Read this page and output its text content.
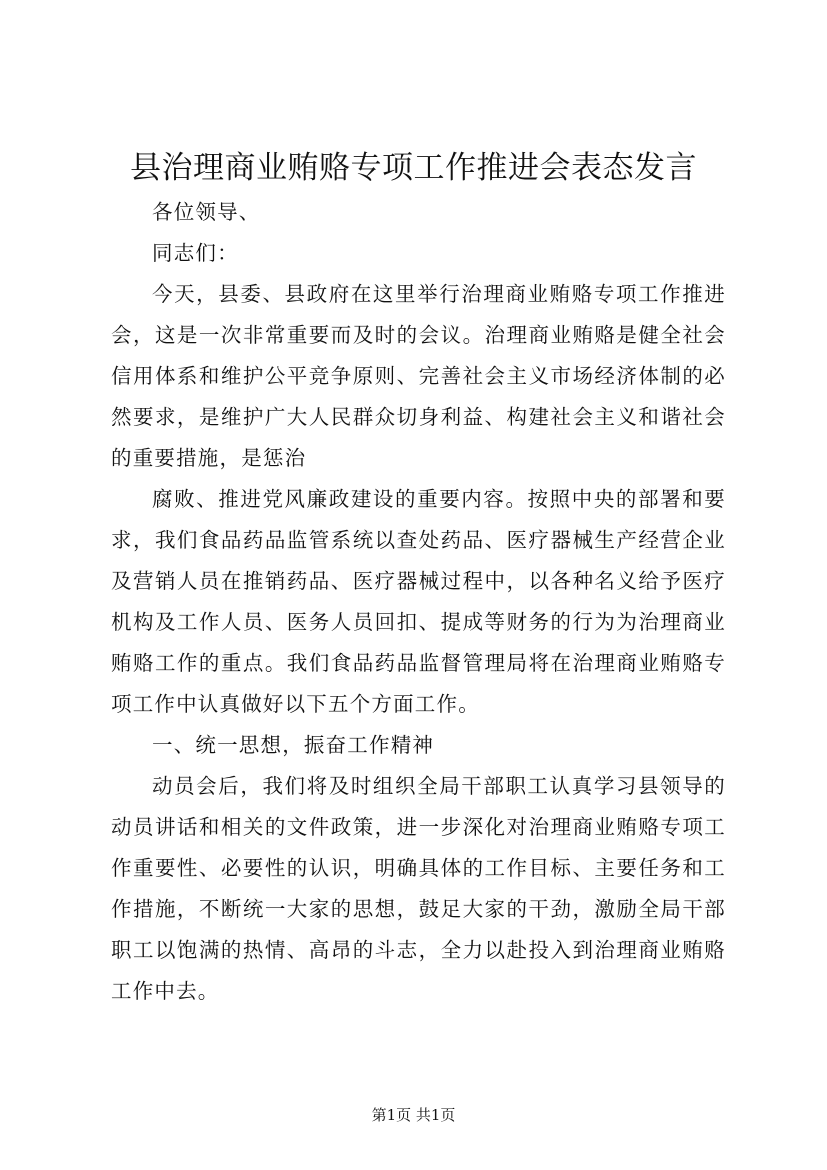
县治理商业贿赂专项工作推进会表态发言

各位领导、

同志们：

今天，县委、县政府在这里举行治理商业贿赂专项工作推进会，这是一次非常重要而及时的会议。治理商业贿赂是健全社会信用体系和维护公平竞争原则、完善社会主义市场经济体制的必然要求，是维护广大人民群众切身利益、构建社会主义和谐社会的重要措施，是惩治

腐败、推进党风廉政建设的重要内容。按照中央的部署和要求，我们食品药品监管系统以查处药品、医疗器械生产经营企业及营销人员在推销药品、医疗器械过程中，以各种名义给予医疗机构及工作人员、医务人员回扣、提成等财务的行为为治理商业贿赂工作的重点。我们食品药品监督管理局将在治理商业贿赂专项工作中认真做好以下五个方面工作。

一、统一思想，振奋工作精神

动员会后，我们将及时组织全局干部职工认真学习县领导的动员讲话和相关的文件政策，进一步深化对治理商业贿赂专项工作重要性、必要性的认识，明确具体的工作目标、主要任务和工作措施，不断统一大家的思想，鼓足大家的干劲，激励全局干部职工以饱满的热情、高昂的斗志，全力以赴投入到治理商业贿赂工作中去。

第1页 共1页
